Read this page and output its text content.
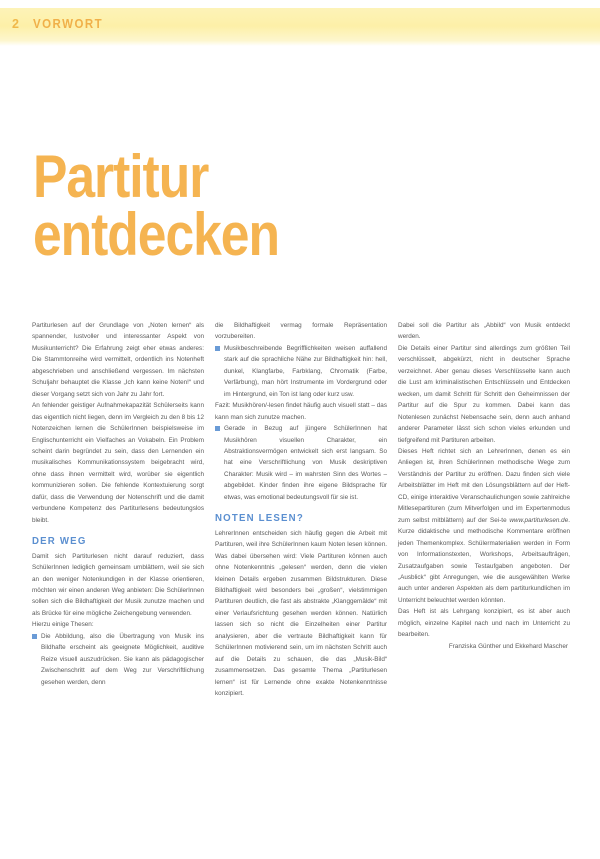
2 VORWORT
Partitur
entdecken

Partiturlesen auf der Grundlage von „Noten lernen“ als spannender, lustvoller und interessanter Aspekt von Musikunterricht? Die Erfahrung zeigt eher etwas anderes: Die Stammtonreihe wird vermittelt, ordentlich ins Notenheft abgeschrieben und anschließend vergessen. Im nächsten Schuljahr behauptet die Klasse „Ich kann keine Noten!“ und dieser Vorgang setzt sich von Jahr zu Jahr fort.

An fehlender geistiger Aufnahmekapazität Schülerseits kann das eigentlich nicht liegen, denn im Vergleich zu den 8 bis 12 Notenzeichen lernen die SchülerInnen beispielsweise im Englischunterricht ein Vielfaches an Vokabeln. Ein Problem scheint darin begründet zu sein, dass den Lernenden ein musikalisches Kommunikationssystem beigebracht wird, ohne dass ihnen vermittelt wird, worüber sie eigentlich kommunizieren sollen. Die fehlende Kontextuierung sorgt dafür, dass die Verwendung der Notenschrift und die damit verbundene Kompetenz des Partiturlesens bedeutungslos bleibt.

DER WEG

Damit sich Partiturlesen nicht darauf reduziert, dass SchülerInnen lediglich gemeinsam umblättern, weil sie sich an den weniger Notenkundigen in der Klasse orientieren, möchten wir einen anderen Weg anbieten: Die SchülerInnen sollen sich die Bildhaftigkeit der Musik zunutze machen und als Brücke für eine mögliche Zeichengebung verwenden.

Hierzu einige Thesen:

Die Abbildung, also die Übertragung von Musik ins Bildhafte erscheint als geeignete Möglichkeit, auditive Reize visuell auszudrücken. Sie kann als pädagogischer Zwischenschritt auf dem Weg zur Verschriftlichung gesehen werden, denn

die Bildhaftigkeit vermag formale Repräsentation vorzubereiten.

Musikbeschreibende Begrifflichkeiten weisen auffallend stark auf die sprachliche Nähe zur Bildhaftigkeit hin: hell, dunkel, Klangfarbe, Farbklang, Chromatik (Farbe, Verfärbung), man hört Instrumente im Vordergrund oder im Hintergrund, ein Ton ist lang oder kurz usw.

Fazit: Musikhören/-lesen findet häufig auch visuell statt – das kann man sich zunutze machen.

Gerade in Bezug auf jüngere SchülerInnen hat Musikhören visuellen Charakter, ein Abstraktionsvermögen entwickelt sich erst langsam. So hat eine Verschriftlichung von Musik deskriptiven Charakter: Musik wird – im wahrsten Sinn des Wortes – abgebildet. Kinder finden ihre eigene Bildsprache für etwas, was emotional bedeutungsvoll für sie ist.

NOTEN LESEN?

LehrerInnen entscheiden sich häufig gegen die Arbeit mit Partituren, weil ihre SchülerInnen kaum Noten lesen können. Was dabei übersehen wird: Viele Partituren können auch ohne Notenkenntnis „gelesen“ werden, denn die vielen kleinen Details ergeben zusammen Bildstrukturen. Diese Bildhaftigkeit wird besonders bei „großen“, vielstimmigen Partituren deutlich, die fast als abstrakte „Klanggemälde“ mit einer Verlaufsrichtung gesehen werden können. Natürlich lassen sich so nicht die Einzelheiten einer Partitur analysieren, aber die vertraute Bildhaftigkeit kann für SchülerInnen motivierend sein, um im nächsten Schritt auch auf die Details zu schauen, die das „Musik-Bild“ zusammensetzen. Das gesamte Thema „Partiturlesen lernen“ ist für Lernende ohne exakte Notenkenntnisse konzipiert.

Dabei soll die Partitur als „Abbild“ von Musik entdeckt werden.

Die Details einer Partitur sind allerdings zum größten Teil verschlüsselt, abgekürzt, nicht in deutscher Sprache verzeichnet. Aber genau dieses Verschlüsselte kann auch die Lust am kriminalistischen Entschlüsseln und Entdecken wecken, um damit Schritt für Schritt den Geheimnissen der Partitur auf die Spur zu kommen. Dabei kann das Notenlesen zunächst Nebensache sein, denn auch anhand anderer Parameter lässt sich schon vieles erkunden und tiefgreifend mit Partituren arbeiten.

Dieses Heft richtet sich an LehrerInnen, denen es ein Anliegen ist, ihren SchülerInnen methodische Wege zum Verständnis der Partitur zu eröffnen. Dazu finden sich viele Arbeitsblätter im Heft mit den Lösungsblättern auf der Heft-CD, einige interaktive Veranschaulichungen sowie zahlreiche Mitlesepartituren (zum Mitverfolgen und im Expertenmodus zum selbst mitblättern) auf der Sei-te www.partiturlesen.de. Kurze didaktische und methodische Kommentare eröffnen jeden Themenkomplex. Schülermaterialien werden in Form von Informationstexten, Workshops, Arbeitsaufträgen, Zusatzaufgaben sowie Testaufgaben angeboten. Der „Ausblick“ gibt Anregungen, wie die ausgewählten Werke auch unter anderen Aspekten als dem partiturkundlichen im Unterricht beleuchtet werden könnten.

Das Heft ist als Lehrgang konzipiert, es ist aber auch möglich, einzelne Kapitel nach und nach im Unterricht zu bearbeiten.

Franziska Günther und Ekkehard Mascher
